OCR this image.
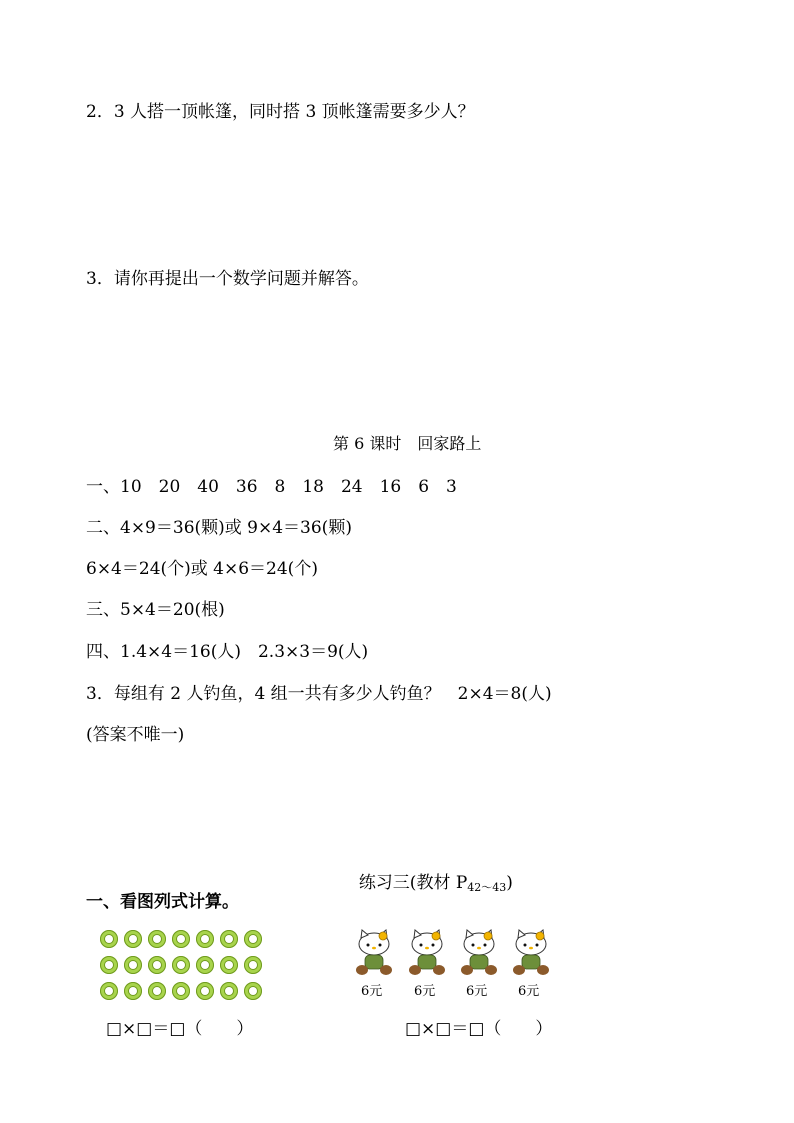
2．3 人搭一顶帐篷，同时搭 3 顶帐篷需要多少人？
3．请你再提出一个数学问题并解答。
第 6 课时　回家路上
一、10　20　40　36　8　18　24　16　6　3
二、4×9＝36(颗)或 9×4＝36(颗)
6×4＝24(个)或 4×6＝24(个)
三、5×4＝20(根)
四、1.4×4＝16(人)　2.3×3＝9(人)
3．每组有 2 人钓鱼，4 组一共有多少人钓鱼？　2×4＝8(人)
(答案不唯一)

练习三(教材 P42～43)

一、看图列式计算。
6元 6元 6元 6元
□×□＝□（　　）	□×□＝□（　　）
